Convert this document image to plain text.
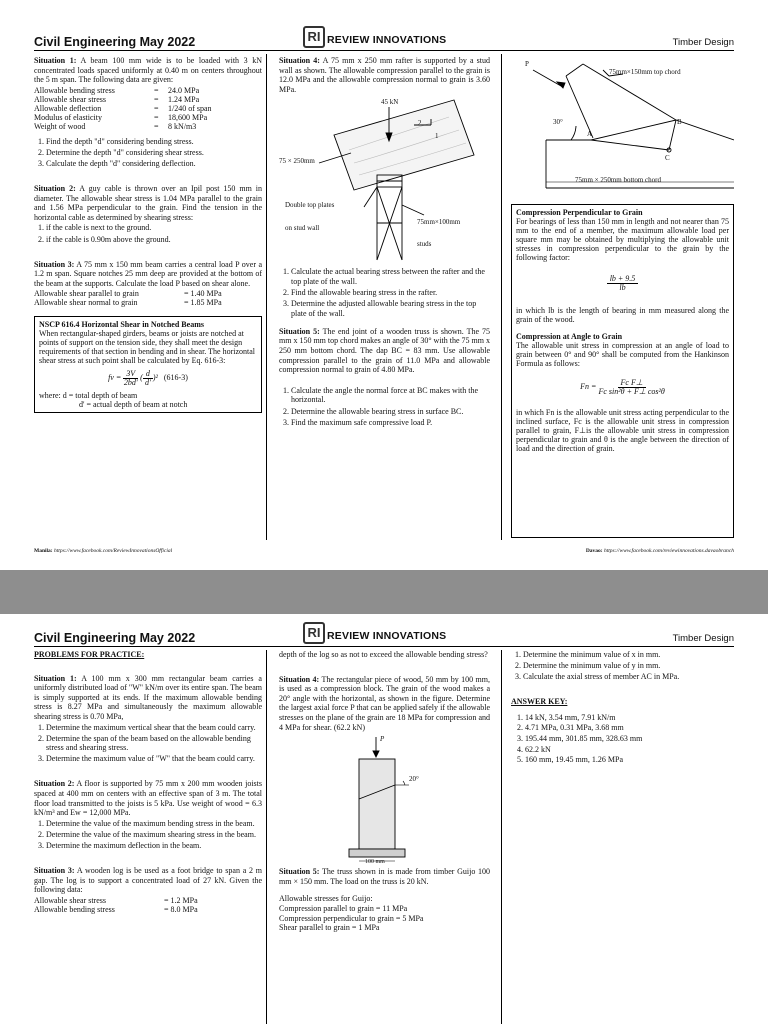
Civil Engineering May 2022	RI REVIEW INNOVATIONS	Timber Design

Situation 1: A beam 100 mm wide is to be loaded with 3 kN concentrated loads spaced uniformly at 0.40 m on centers throughout the 5 m span. The following data are given:

Allowable bending stress	=	24.0 MPa
Allowable shear stress	=	1.24 MPa
Allowable deflection	=	1/240 of span
Modulus of elasticity	=	18,600 MPa
Weight of wood	=	8 kN/m3
1. Find the depth "d" considering bending stress.
2. Determine the depth "d" considering shear stress.
3. Calculate the depth "d" considering deflection.

Situation 2: A guy cable is thrown over an Ipil post 150 mm in diameter. The allowable shear stress is 1.04 MPa parallel to the grain and 1.56 MPa perpendicular to the grain. Find the tension in the horizontal cable as determined by shearing stress:

1. if the cable is next to the ground.
2. if the cable is 0.90m above the ground.

Situation 3: A 75 mm x 150 mm beam carries a central load P over a 1.2 m span. Square notches 25 mm deep are provided at the bottom of the beam at the supports. Calculate the load P based on shear alone.

Allowable shear parallel to grain	= 1.40 MPa
Allowable shear normal to grain	= 1.85 MPa
NSCP 616.4 Horizontal Shear in Notched Beams
When rectangular-shaped girders, beams or joists are notched at points of support on the tension side, they shall meet the design requirements of that section in bending and in shear. The horizontal shear stress at such point shall be calculated by Eq. 616-3:
fv = $\frac{3V}{2bd'} (\frac{d}{d'})^2$   (616-3)
where: d = total depth of beam
d' = actual depth of beam at notch

Situation 4: A 75 mm x 250 mm rafter is supported by a stud wall as shown. The allowable compression parallel to the grain is 12.0 MPa and the allowable compression normal to grain is 3.60 MPa.

45 kN
2
1
75 × 250mm
Double top plates
on stud wall
75mm×100mm
studs
1. Calculate the actual bearing stress between the rafter and the top plate of the wall.
2. Find the allowable bearing stress in the rafter.
3. Determine the adjusted allowable bearing stress in the top plate of the wall.

Situation 5: The end joint of a wooden truss is shown. The 75 mm x 150 mm top chord makes an angle of 30° with the 75 mm x 250 mm bottom chord. The dap BC = 83 mm. Use allowable compression parallel to the grain of 11.0 MPa and allowable compression normal to grain of 4.80 MPa.

1. Calculate the angle the normal force at BC makes with the horizontal.
2. Determine the allowable bearing stress in surface BC.
3. Find the maximum safe compressive load P.
P
75mm×150mm top chord
30°
A
B
C
75mm × 250mm bottom chord
Compression Perpendicular to Grain

For bearings of less than 150 mm in length and not nearer than 75 mm to the end of a member, the maximum allowable load per square mm may be obtained by multiplying the allowable unit stresses in compression perpendicular to the grain by the following factor:

$\frac{lb + 9.5}{lb}$

in which lb is the length of bearing in mm measured along the grain of the wood.

Compression at Angle to Grain

The allowable unit stress in compression at an angle of load to grain between 0° and 90° shall be computed from the Hankinson Formula as follows:

$Fn = \frac{\text{Fc F⊥}}{\text{Fc sin²θ + F⊥ cos²θ}}$

in which Fn is the allowable unit stress acting perpendicular to the inclined surface, Fc is the allowable unit stress in compression parallel to grain, F⊥is the allowable unit stress in compression perpendicular to grain and θ is the angle between the direction of load and the direction of grain.

Manila: https://www.facebook.com/ReviewInnovationsOfficial	Davao: https://www.facebook.com/reviewinnovations.davaobranch
Civil Engineering May 2022	RI REVIEW INNOVATIONS	Timber Design
PROBLEMS FOR PRACTICE:

Situation 1: A 100 mm x 300 mm rectangular beam carries a uniformly distributed load of "W" kN/m over its entire span. The beam is simply supported at its ends. If the maximum allowable bending stress is 8.27 MPa and simultaneously the maximum allowable shearing stress is 0.70 MPa,

1. Determine the maximum vertical shear that the beam could carry.
2. Determine the span of the beam based on the allowable bending stress and shearing stress.
3. Determine the maximum value of "W" that the beam could carry.

Situation 2: A floor is supported by 75 mm x 200 mm wooden joists spaced at 400 mm on centers with an effective span of 3 m. The total floor load transmitted to the joists is 5 kPa. Use weight of wood = 6.3 kN/m³ and Ew = 12,000 MPa.

1. Determine the value of the maximum bending stress in the beam.
2. Determine the value of the maximum shearing stress in the beam.
3. Determine the maximum deflection in the beam.

Situation 3: A wooden log is be used as a foot bridge to span a 2 m gap. The log is to support a concentrated load of 27 kN. Given the following data:

Allowable shear stress	= 1.2 MPa
Allowable bending stress	= 8.0 MPa

depth of the log so as not to exceed the allowable bending stress?

Situation 4: The rectangular piece of wood, 50 mm by 100 mm, is used as a compression block. The grain of the wood makes a 20° angle with the horizontal, as shown in the figure. Determine the largest axial force P that can be applied safely if the allowable stresses on the plane of the grain are 18 MPa for compression and 4 MPa for shear. (62.2 kN)

P
20°
100 mm

Situation 5: The truss shown in is made from timber Guijo 100 mm × 150 mm. The load on the truss is 20 kN.

Allowable stresses for Guijo:
Compression parallel to grain = 11 MPa
Compression perpendicular to grain = 5 MPa
Shear parallel to grain = 1 MPa
1. Determine the minimum value of x in mm.
2. Determine the minimum value of y in mm.
3. Calculate the axial stress of member AC in MPa.
ANSWER KEY:
1. 14 kN, 3.54 mm, 7.91 kN/m
2. 4.71 MPa, 0.31 MPa, 3.68 mm
3. 195.44 mm, 301.85 mm, 328.63 mm
4. 62.2 kN
5. 160 mm, 19.45 mm, 1.26 MPa
